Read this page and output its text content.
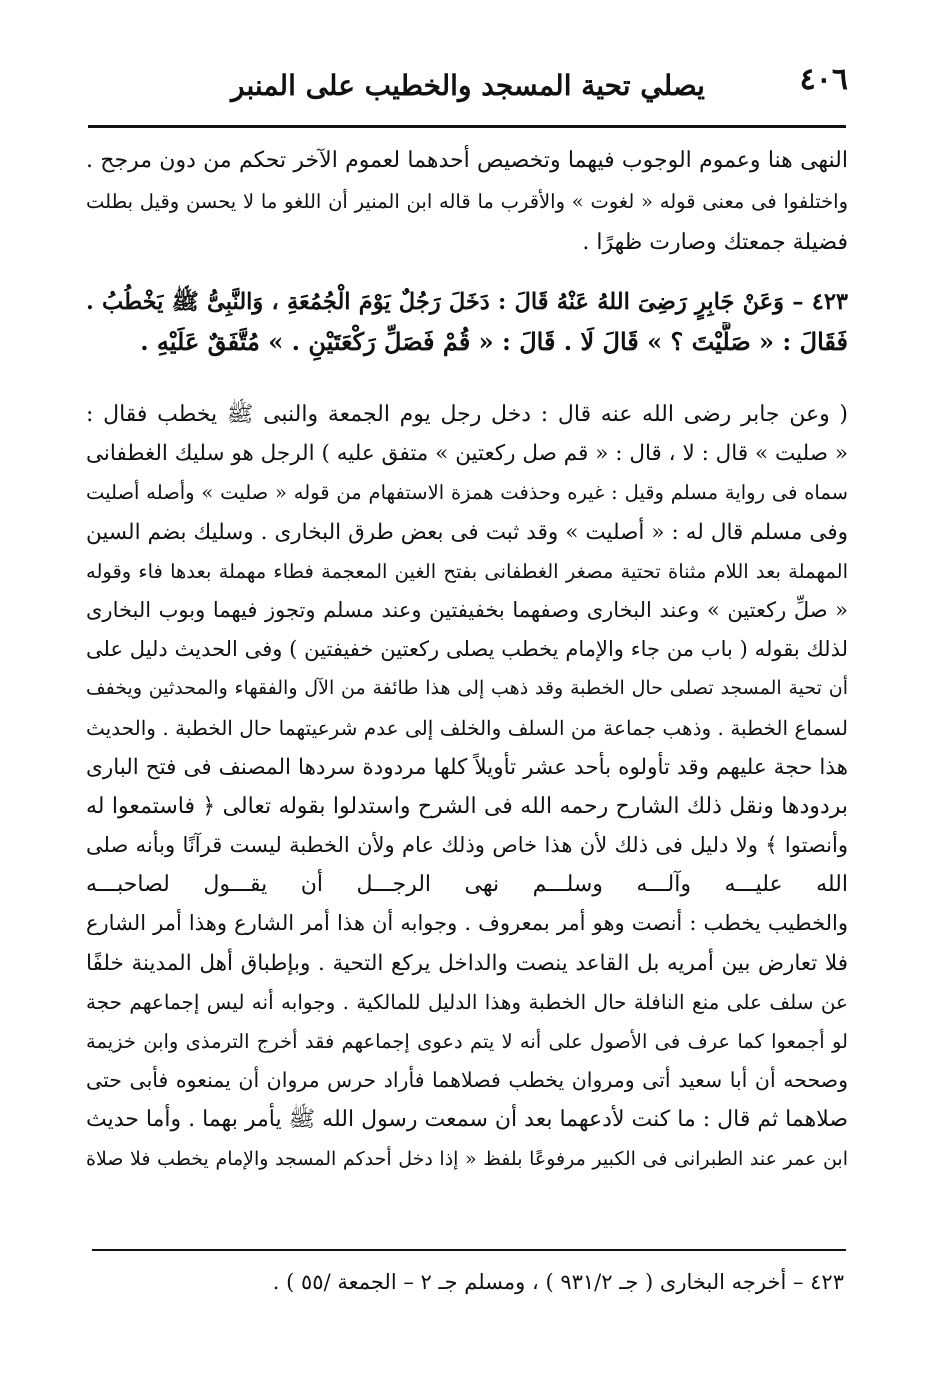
٤٠٦
يصلي تحية المسجد والخطيب على المنبر
النهى هنا وعموم الوجوب فيهما وتخصيص أحدهما لعموم الآخر تحكم من دون مرجح .
واختلفوا فى معنى قوله « لغوت » والأقرب ما قاله ابن المنير أن اللغو ما لا يحسن وقيل بطلت
فضيلة جمعتك وصارت ظهرًا .
٤٢٣ – وَعَنْ جَابِرٍ رَضِىَ اللهُ عَنْهُ قَالَ : دَخَلَ رَجُلٌ يَوْمَ الْجُمُعَةِ ، وَالنَّبِىُّ ﷺ يَخْطُبُ .
فَقَالَ : « صَلَّيْتَ ؟ » قَالَ لَا . قَالَ : « قُمْ فَصَلِّ رَكْعَتَيْنِ . » مُتَّفَقٌ عَلَيْهِ .
( وعن جابر رضى الله عنه قال : دخل رجل يوم الجمعة والنبى ﷺ يخطب فقال :
« صليت » قال : لا ، قال : « قم صل ركعتين » متفق عليه ) الرجل هو سليك الغطفانى
سماه فى رواية مسلم وقيل : غيره وحذفت همزة الاستفهام من قوله « صليت » وأصله أصليت
وفى مسلم قال له : « أصليت » وقد ثبت فى بعض طرق البخارى . وسليك بضم السين
المهملة بعد اللام مثناة تحتية مصغر الغطفانى بفتح الغين المعجمة فطاء مهملة بعدها فاء وقوله
« صلِّ ركعتين » وعند البخارى وصفهما بخفيفتين وعند مسلم وتجوز فيهما وبوب البخارى
لذلك بقوله ( باب من جاء والإمام يخطب يصلى ركعتين خفيفتين ) وفى الحديث دليل على
أن تحية المسجد تصلى حال الخطبة وقد ذهب إلى هذا طائفة من الآل والفقهاء والمحدثين ويخفف
لسماع الخطبة . وذهب جماعة من السلف والخلف إلى عدم شرعيتهما حال الخطبة . والحديث
هذا حجة عليهم وقد تأولوه بأحد عشر تأويلاً كلها مردودة سردها المصنف فى فتح البارى
بردودها ونقل ذلك الشارح رحمه الله فى الشرح واستدلوا بقوله تعالى ﴿ فاستمعوا له
وأنصتوا ﴾ ولا دليل فى ذلك لأن هذا خاص وذلك عام ولأن الخطبة ليست قرآنًا وبأنه صلى
الله عليـــه وآلـــه وسلـــم نهى الرجـــل أن يقـــول لصاحبـــه
والخطيب يخطب : أنصت وهو أمر بمعروف . وجوابه أن هذا أمر الشارع وهذا أمر الشارع
فلا تعارض بين أمريه بل القاعد ينصت والداخل يركع التحية . وبإطباق أهل المدينة خلفًا
عن سلف على منع النافلة حال الخطبة وهذا الدليل للمالكية . وجوابه أنه ليس إجماعهم حجة
لو أجمعوا كما عرف فى الأصول على أنه لا يتم دعوى إجماعهم فقد أخرج الترمذى وابن خزيمة
وصححه أن أبا سعيد أتى ومروان يخطب فصلاهما فأراد حرس مروان أن يمنعوه فأبى حتى
صلاهما ثم قال : ما كنت لأدعهما بعد أن سمعت رسول الله ﷺ يأمر بهما . وأما حديث
ابن عمر عند الطبرانى فى الكبير مرفوعًا بلفظ « إذا دخل أحدكم المسجد والإمام يخطب فلا صلاة
٤٢٣ – أخرجه البخارى ( جـ ٩٣١/٢ ) ، ومسلم جـ ٢ – الجمعة /٥٥ ) .
